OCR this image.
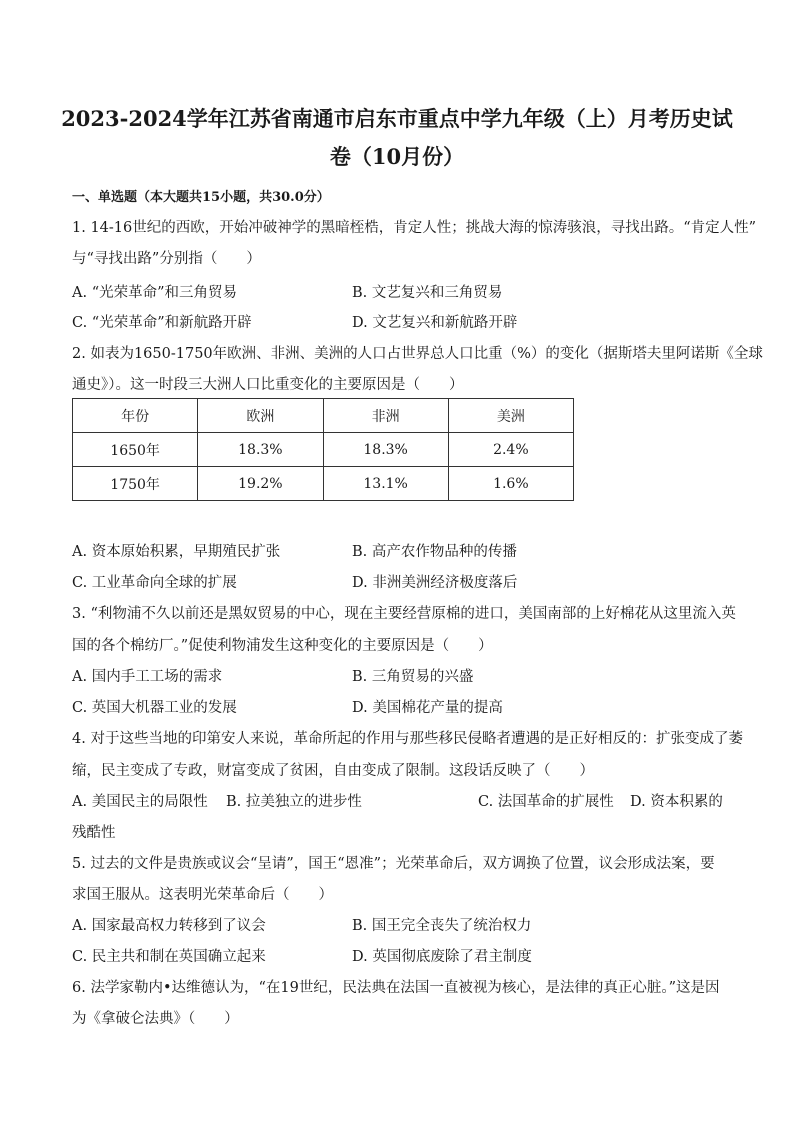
2023-2024学年江苏省南通市启东市重点中学九年级（上）月考历史试
卷（10月份）
一、单选题（本大题共15小题，共30.0分）
1. 14-16世纪的西欧，开始冲破神学的黑暗桎梏，肯定人性；挑战大海的惊涛骇浪，寻找出路。“肯定人性”
与“寻找出路”分别指（　　）
A. “光荣革命”和三角贸易	B. 文艺复兴和三角贸易
C. “光荣革命”和新航路开辟	D. 文艺复兴和新航路开辟
2. 如表为1650-1750年欧洲、非洲、美洲的人口占世界总人口比重（%）的变化（据斯塔夫里阿诺斯《全球
通史》）。这一时段三大洲人口比重变化的主要原因是（　　）
年份	欧洲	非洲	美洲
1650年	18.3%	18.3%	2.4%
1750年	19.2%	13.1%	1.6%
A. 资本原始积累，早期殖民扩张	B. 高产农作物品种的传播
C. 工业革命向全球的扩展	D. 非洲美洲经济极度落后
3. “利物浦不久以前还是黑奴贸易的中心，现在主要经营原棉的进口，美国南部的上好棉花从这里流入英
国的各个棉纺厂。”促使利物浦发生这种变化的主要原因是（　　）
A. 国内手工工场的需求	B. 三角贸易的兴盛
C. 英国大机器工业的发展	D. 美国棉花产量的提高
4. 对于这些当地的印第安人来说，革命所起的作用与那些移民侵略者遭遇的是正好相反的：扩张变成了萎
缩，民主变成了专政，财富变成了贫困，自由变成了限制。这段话反映了（　　）
A. 美国民主的局限性 B. 拉美独立的进步性	C. 法国革命的扩展性 D. 资本积累的
残酷性
5. 过去的文件是贵族或议会“呈请”，国王“恩准”；光荣革命后，双方调换了位置，议会形成法案，要
求国王服从。这表明光荣革命后（　　）
A. 国家最高权力转移到了议会	B. 国王完全丧失了统治权力
C. 民主共和制在英国确立起来	D. 英国彻底废除了君主制度
6. 法学家勒内•达维德认为，“在19世纪，民法典在法国一直被视为核心，是法律的真正心脏。”这是因
为《拿破仑法典》（　　）
